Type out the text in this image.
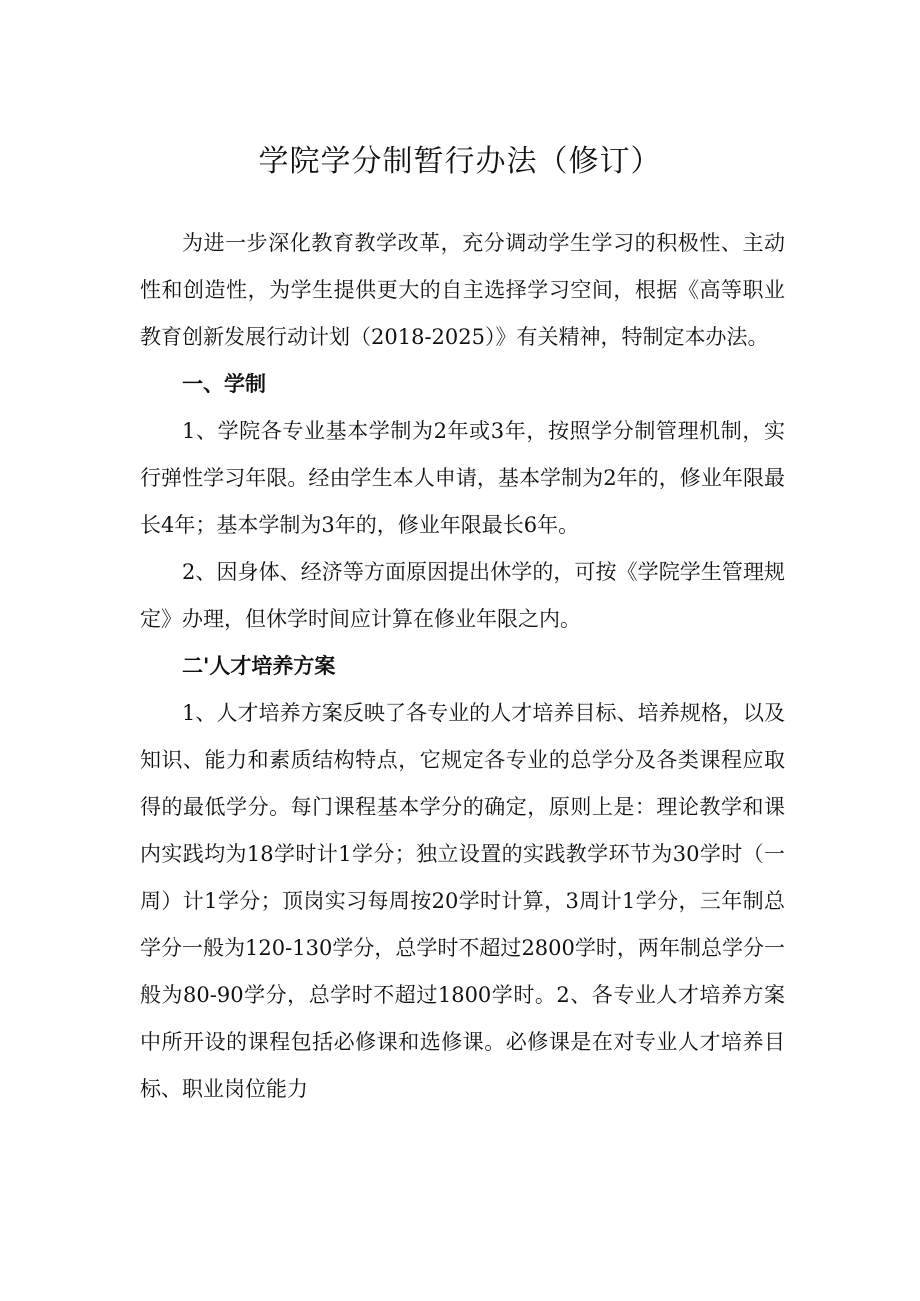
学院学分制暂行办法（修订）

为进一步深化教育教学改革，充分调动学生学习的积极性、主动性和创造性，为学生提供更大的自主选择学习空间，根据《高等职业教育创新发展行动计划（2018-2025）》有关精神，特制定本办法。

一、学制

1、学院各专业基本学制为2年或3年，按照学分制管理机制，实行弹性学习年限。经由学生本人申请，基本学制为2年的，修业年限最长4年；基本学制为3年的，修业年限最长6年。

2、因身体、经济等方面原因提出休学的，可按《学院学生管理规定》办理，但休学时间应计算在修业年限之内。

二'人才培养方案

1、人才培养方案反映了各专业的人才培养目标、培养规格，以及知识、能力和素质结构特点，它规定各专业的总学分及各类课程应取得的最低学分。每门课程基本学分的确定，原则上是：理论教学和课内实践均为18学时计1学分；独立设置的实践教学环节为30学时（一周）计1学分；顶岗实习每周按20学时计算，3周计1学分，三年制总学分一般为120-130学分，总学时不超过2800学时，两年制总学分一般为80-90学分，总学时不超过1800学时。2、各专业人才培养方案中所开设的课程包括必修课和选修课。必修课是在对专业人才培养目标、职业岗位能力
